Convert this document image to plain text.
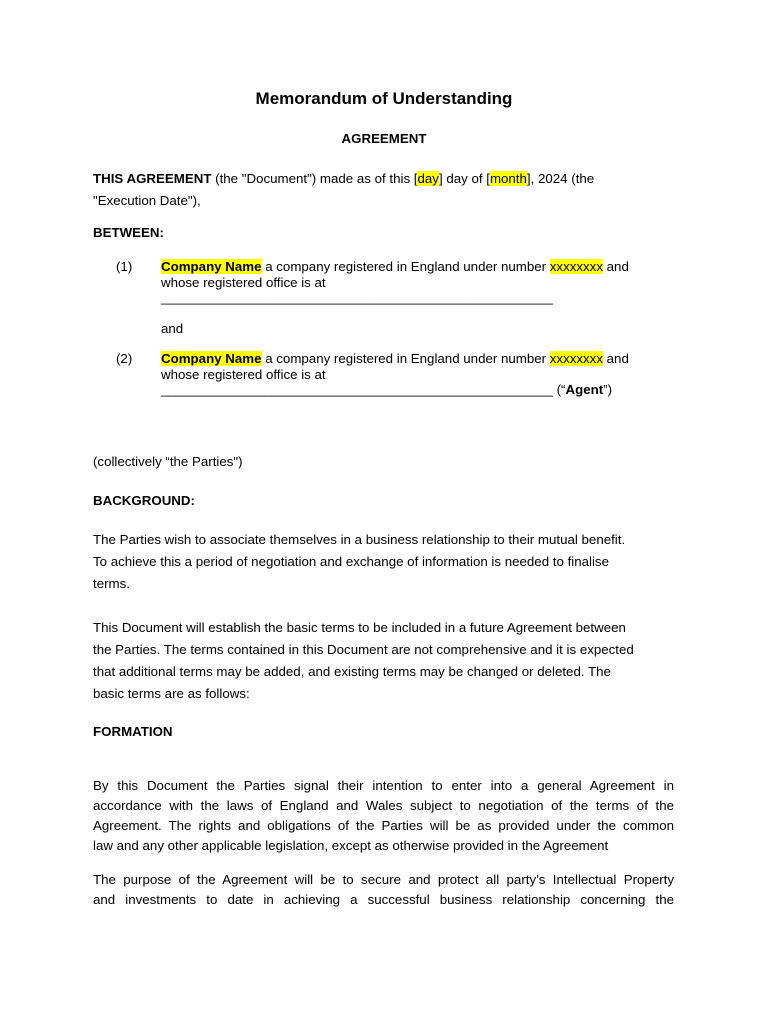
Memorandum of Understanding
AGREEMENT
THIS AGREEMENT (the "Document") made as of this [day] day of [month], 2024 (the
"Execution Date"),
BETWEEN:
(1) Company Name a company registered in England under number xxxxxxxx and
whose registered office is at
_____________________________________________________
and
(2) Company Name a company registered in England under number xxxxxxxx and
whose registered office is at
_____________________________________________________ (“Agent”)
(collectively “the Parties")
BACKGROUND:
The Parties wish to associate themselves in a business relationship to their mutual benefit.
To achieve this a period of negotiation and exchange of information is needed to finalise
terms.
This Document will establish the basic terms to be included in a future Agreement between
the Parties. The terms contained in this Document are not comprehensive and it is expected
that additional terms may be added, and existing terms may be changed or deleted. The
basic terms are as follows:
FORMATION
By this Document the Parties signal their intention to enter into a general Agreement in
accordance with the laws of England and Wales subject to negotiation of the terms of the
Agreement. The rights and obligations of the Parties will be as provided under the common
law and any other applicable legislation, except as otherwise provided in the Agreement
The purpose of the Agreement will be to secure and protect all party’s Intellectual Property
and investments to date in achieving a successful business relationship concerning the
